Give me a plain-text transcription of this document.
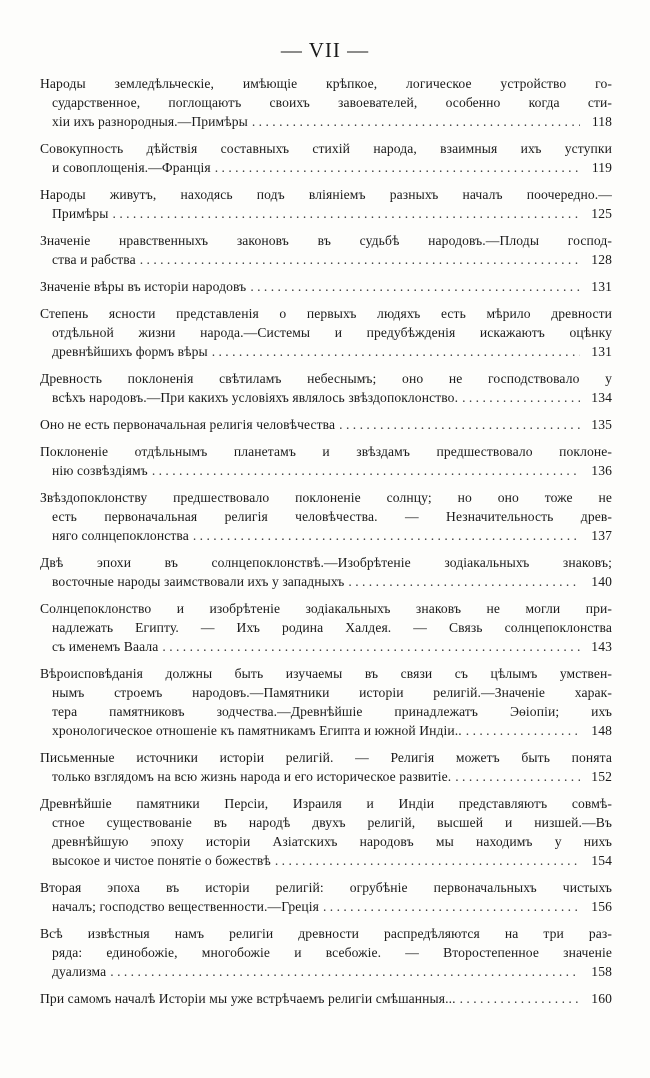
— VII —
Народы земледѣльческіе, имѣющіе крѣпкое, логическое устройство го-
сударственное, поглощаютъ своихъ завоевателей, особенно когда сти-
хіи ихъ разнородныя.—Примѣры . . .	118
Совокупность дѣйствія составныхъ стихій народа, взаимныя ихъ уступки
и совоплощенія.—Франція . . .	119
Народы живутъ, находясь подъ вліяніемъ разныхъ началъ поочередно.—
Примѣры . . .	125
Значеніе нравственныхъ законовъ въ судьбѣ народовъ.—Плоды господ-
ства и рабства . . .	128
Значеніе вѣры въ исторіи народовъ . . .	131
Степень ясности представленія о первыхъ людяхъ есть мѣрило древности
отдѣльной жизни народа.—Системы и предубѣжденія искажаютъ оцѣнку
древнѣйшихъ формъ вѣры . . .	131
Древность поклоненія свѣтиламъ небеснымъ; оно не господствовало у
всѣхъ народовъ.—При какихъ условіяхъ являлось звѣздопоклонство. . . .	134
Оно не есть первоначальная религія человѣчества . . .	135
Поклоненіе отдѣльнымъ планетамъ и звѣздамъ предшествовало поклоне-
нію созвѣздіямъ . . .	136
Звѣздопоклонству предшествовало поклоненіе солнцу; но оно тоже не
есть первоначальная религія человѣчества. — Незначительность древ-
няго солнцепоклонства . . .	137
Двѣ эпохи въ солнцепоклонствѣ.—Изобрѣтеніе зодіакальныхъ знаковъ;
восточные народы заимствовали ихъ у западныхъ . . .	140
Солнцепоклонство и изобрѣтеніе зодіакальныхъ знаковъ не могли при-
надлежать Египту. — Ихъ родина Халдея. — Связь солнцепоклонства
съ именемъ Ваала . . .	143
Вѣроисповѣданія должны быть изучаемы въ связи съ цѣлымъ умствен-
нымъ строемъ народовъ.—Памятники исторіи религій.—Значеніе харак-
тера памятниковъ зодчества.—Древнѣйшіе принадлежатъ Эѳіопіи; ихъ
хронологическое отношеніе къ памятникамъ Египта и южной Индіи.. . . .	148
Письменные источники исторіи религій. — Религія можетъ быть понята
только взглядомъ на всю жизнь народа и его историческое развитіе. . . .	152
Древнѣйшіе памятники Персіи, Израиля и Индіи представляютъ совмѣ-
стное существованіе въ народѣ двухъ религій, высшей и низшей.—Въ
древнѣйшую эпоху исторіи Азіатскихъ народовъ мы находимъ у нихъ
высокое и чистое понятіе о божествѣ . . .	154
Вторая эпоха въ исторіи религій: огрубѣніе первоначальныхъ чистыхъ
началъ; господство вещественности.—Греція . . .	156
Всѣ извѣстныя намъ религіи древности распредѣляются на три раз-
ряда: единобожіе, многобожіе и всебожіе. — Второстепенное значеніе
дуализма . . .	158
При самомъ началѣ Исторіи мы уже встрѣчаемъ религіи смѣшанныя... . . .	160
